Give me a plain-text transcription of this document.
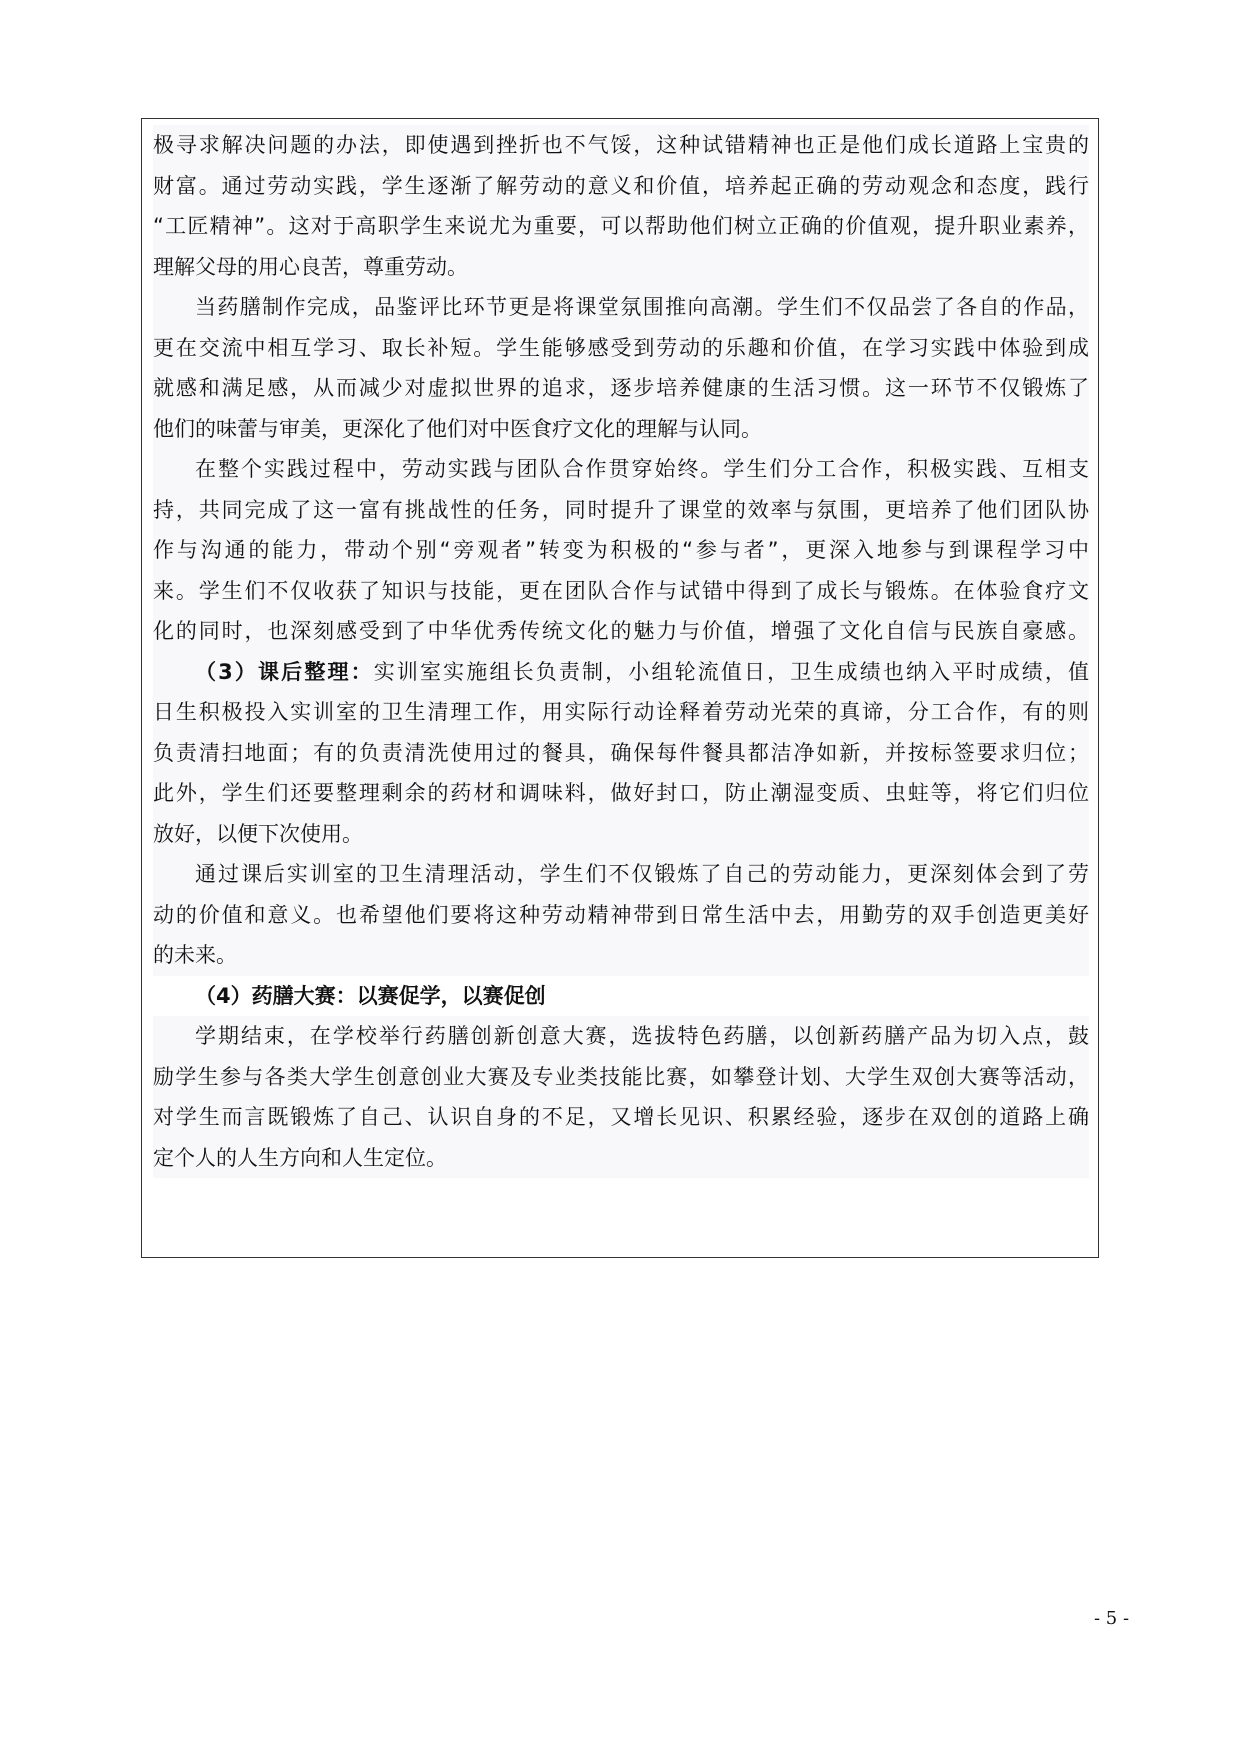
极寻求解决问题的办法，即使遇到挫折也不气馁，这种试错精神也正是他们成长道路上宝贵的
财富。通过劳动实践，学生逐渐了解劳动的意义和价值，培养起正确的劳动观念和态度，践行
“工匠精神”。这对于高职学生来说尤为重要，可以帮助他们树立正确的价值观，提升职业素养，
理解父母的用心良苦，尊重劳动。
当药膳制作完成，品鉴评比环节更是将课堂氛围推向高潮。学生们不仅品尝了各自的作品，
更在交流中相互学习、取长补短。学生能够感受到劳动的乐趣和价值，在学习实践中体验到成
就感和满足感，从而减少对虚拟世界的追求，逐步培养健康的生活习惯。这一环节不仅锻炼了
他们的味蕾与审美，更深化了他们对中医食疗文化的理解与认同。
在整个实践过程中，劳动实践与团队合作贯穿始终。学生们分工合作，积极实践、互相支
持，共同完成了这一富有挑战性的任务，同时提升了课堂的效率与氛围，更培养了他们团队协
作与沟通的能力，带动个别“旁观者”转变为积极的“参与者”，更深入地参与到课程学习中
来。学生们不仅收获了知识与技能，更在团队合作与试错中得到了成长与锻炼。在体验食疗文
化的同时，也深刻感受到了中华优秀传统文化的魅力与价值，增强了文化自信与民族自豪感。
（3）课后整理：实训室实施组长负责制，小组轮流值日，卫生成绩也纳入平时成绩，值
日生积极投入实训室的卫生清理工作，用实际行动诠释着劳动光荣的真谛，分工合作，有的则
负责清扫地面；有的负责清洗使用过的餐具，确保每件餐具都洁净如新，并按标签要求归位；
此外，学生们还要整理剩余的药材和调味料，做好封口，防止潮湿变质、虫蛀等，将它们归位
放好，以便下次使用。
通过课后实训室的卫生清理活动，学生们不仅锻炼了自己的劳动能力，更深刻体会到了劳
动的价值和意义。也希望他们要将这种劳动精神带到日常生活中去，用勤劳的双手创造更美好
的未来。
（4）药膳大赛：以赛促学，以赛促创
学期结束，在学校举行药膳创新创意大赛，选拔特色药膳，以创新药膳产品为切入点，鼓
励学生参与各类大学生创意创业大赛及专业类技能比赛，如攀登计划、大学生双创大赛等活动，
对学生而言既锻炼了自己、认识自身的不足，又增长见识、积累经验，逐步在双创的道路上确
定个人的人生方向和人生定位。
- 5 -
